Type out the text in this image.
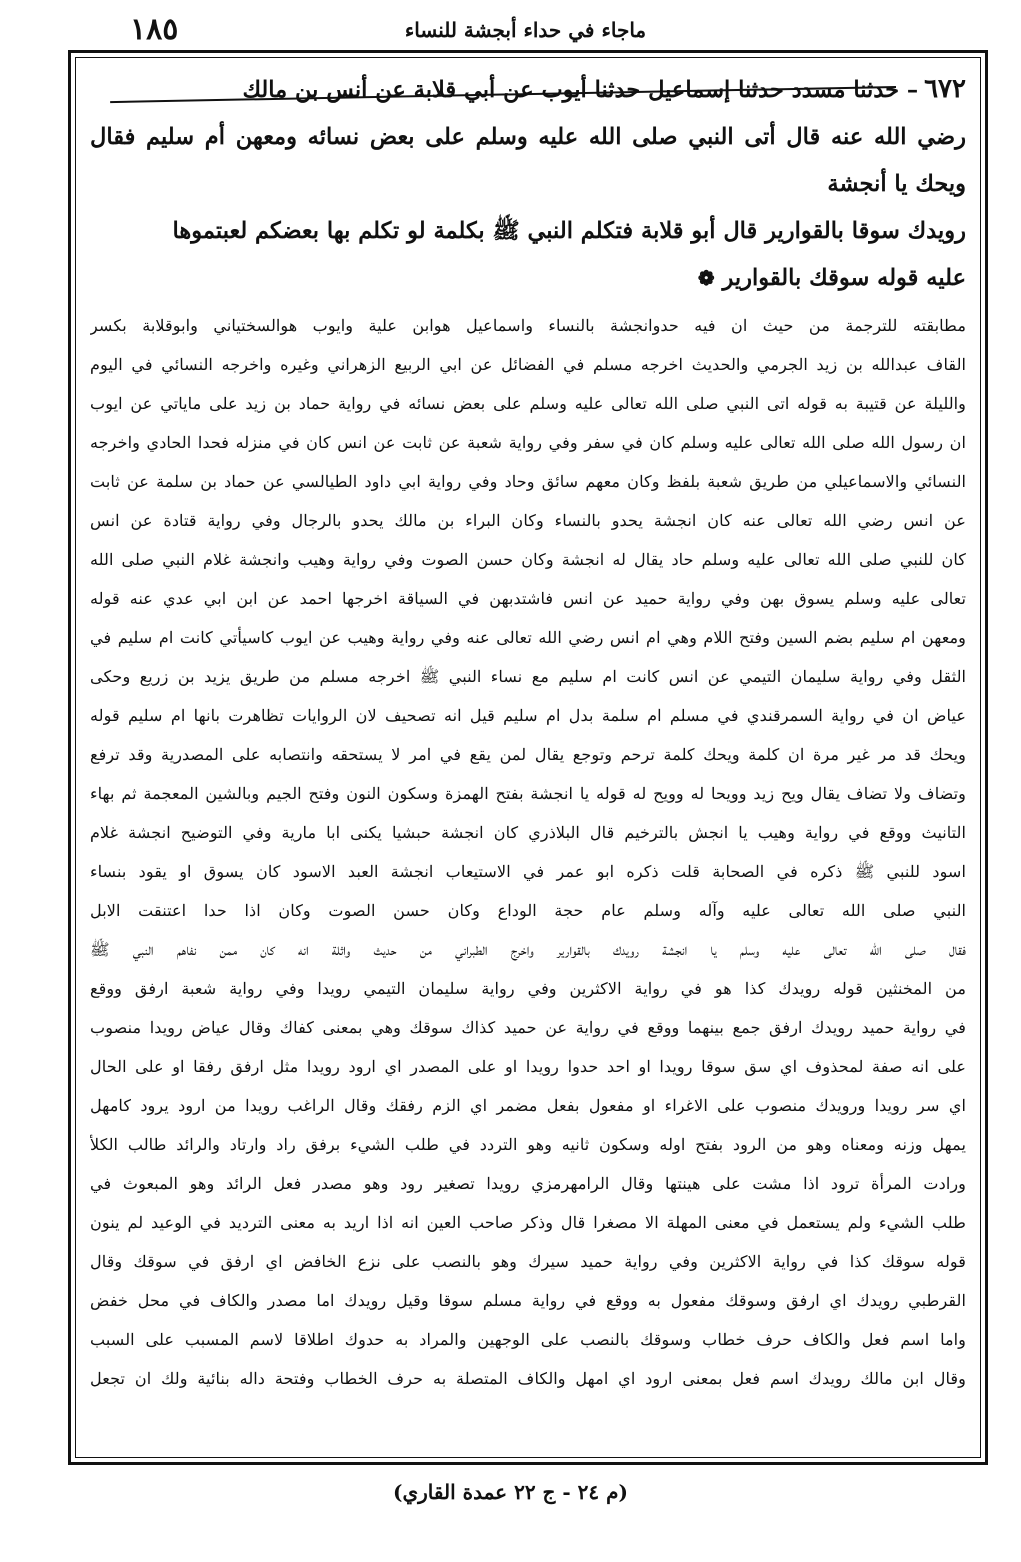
ماجاء في حداء أبجشة للنساء
١٨٥
٦٧٢– حدثنا مسدد حدثنا إسماعيل حدثنا أيوب عن أبي قلابة عن أنس بن مالك
رضي الله عنه قال أتى النبي صلى الله عليه وسلم على بعض نسائه ومعهن أم سليم فقال ويحك يا أنجشة
رويدك سوقا بالقوارير قال أبو قلابة فتكلم النبي ﷺ بكلمة لو تكلم بها بعضكم لعبتموها
عليه قوله سوقك بالقوارير ❁

مطابقته للترجمة من حيث ان فيه حدوانجشة بالنساء واسماعيل هوابن علية وايوب هوالسختياني وابوقلابة بكسر

القاف عبدالله بن زيد الجرمي والحديث اخرجه مسلم في الفضائل عن ابي الربيع الزهراني وغيره واخرجه النسائي في اليوم

والليلة عن قتيبة به قوله اتى النبي صلى الله تعالى عليه وسلم على بعض نسائه في رواية حماد بن زيد على ماياتي عن ايوب

ان رسول الله صلى الله تعالى عليه وسلم كان في سفر وفي رواية شعبة عن ثابت عن انس كان في منزله فحدا الحادي واخرجه

النسائي والاسماعيلي من طريق شعبة بلفظ وكان معهم سائق وحاد وفي رواية ابي داود الطيالسي عن حماد بن سلمة عن ثابت

عن انس رضي الله تعالى عنه كان انجشة يحدو بالنساء وكان البراء بن مالك يحدو بالرجال وفي رواية قتادة عن انس

كان للنبي صلى الله تعالى عليه وسلم حاد يقال له انجشة وكان حسن الصوت وفي رواية وهيب وانجشة غلام النبي صلى الله

تعالى عليه وسلم يسوق بهن وفي رواية حميد عن انس فاشتدبهن في السياقة اخرجها احمد عن ابن ابي عدي عنه قوله

ومعهن ام سليم بضم السين وفتح اللام وهي ام انس رضي الله تعالى عنه وفي رواية وهيب عن ايوب كاسيأتي كانت ام سليم في

الثقل وفي رواية سليمان التيمي عن انس كانت ام سليم مع نساء النبي ﷺ اخرجه مسلم من طريق يزيد بن زريع وحكى

عياض ان في رواية السمرقندي في مسلم ام سلمة بدل ام سليم قيل انه تصحيف لان الروايات تظاهرت بانها ام سليم قوله

ويحك قد مر غير مرة ان كلمة ويحك كلمة ترحم وتوجع يقال لمن يقع في امر لا يستحقه وانتصابه على المصدرية وقد ترفع

وتضاف ولا تضاف يقال ويح زيد وويحا له وويح له قوله يا انجشة بفتح الهمزة وسكون النون وفتح الجيم وبالشين المعجمة ثم بهاء

التانيث ووقع في رواية وهيب يا انجش بالترخيم قال البلاذري كان انجشة حبشيا يكنى ابا مارية وفي التوضيح انجشة غلام

اسود للنبي ﷺ ذكره في الصحابة قلت ذكره ابو عمر في الاستيعاب انجشة العبد الاسود كان يسوق او يقود بنساء

النبي صلى الله تعالى عليه وآله وسلم عام حجة الوداع وكان حسن الصوت وكان اذا حدا اعتنقت الابل

فقال صلى الله تعالى عليه وسلم يا انجشة رويدك بالقوارير واخرج الطبراني من حديث واثلة انه كان ممن نفاهم النبي ﷺ

من المخنثين قوله رويدك كذا هو في رواية الاكثرين وفي رواية سليمان التيمي رويدا وفي رواية شعبة ارفق ووقع

في رواية حميد رويدك ارفق جمع بينهما ووقع في رواية عن حميد كذاك سوقك وهي بمعنى كفاك وقال عياض رويدا منصوب

على انه صفة لمحذوف اي سق سوقا رويدا او احد حدوا رويدا او على المصدر اي ارود رويدا مثل ارفق رفقا او على الحال

اي سر رويدا ورويدك منصوب على الاغراء او مفعول بفعل مضمر اي الزم رفقك وقال الراغب رويدا من ارود يرود كامهل

يمهل وزنه ومعناه وهو من الرود بفتح اوله وسكون ثانيه وهو التردد في طلب الشيء برفق راد وارتاد والرائد طالب الكلأ

ورادت المرأة ترود اذا مشت على هينتها وقال الرامهرمزي رويدا تصغير رود وهو مصدر فعل الرائد وهو المبعوث في

طلب الشيء ولم يستعمل في معنى المهلة الا مصغرا قال وذكر صاحب العين انه اذا اريد به معنى الترديد في الوعيد لم ينون

قوله سوقك كذا في رواية الاكثرين وفي رواية حميد سيرك وهو بالنصب على نزع الخافض اي ارفق في سوقك وقال

القرطبي رويدك اي ارفق وسوقك مفعول به ووقع في رواية مسلم سوقا وقيل رويدك اما مصدر والكاف في محل خفض

واما اسم فعل والكاف حرف خطاب وسوقك بالنصب على الوجهين والمراد به حدوك اطلاقا لاسم المسبب على السبب

وقال ابن مالك رويدك اسم فعل بمعنى ارود اي امهل والكاف المتصلة به حرف الخطاب وفتحة داله بنائية ولك ان تجعل

(م ٢٤ - ج ٢٢ عمدة القاري)
